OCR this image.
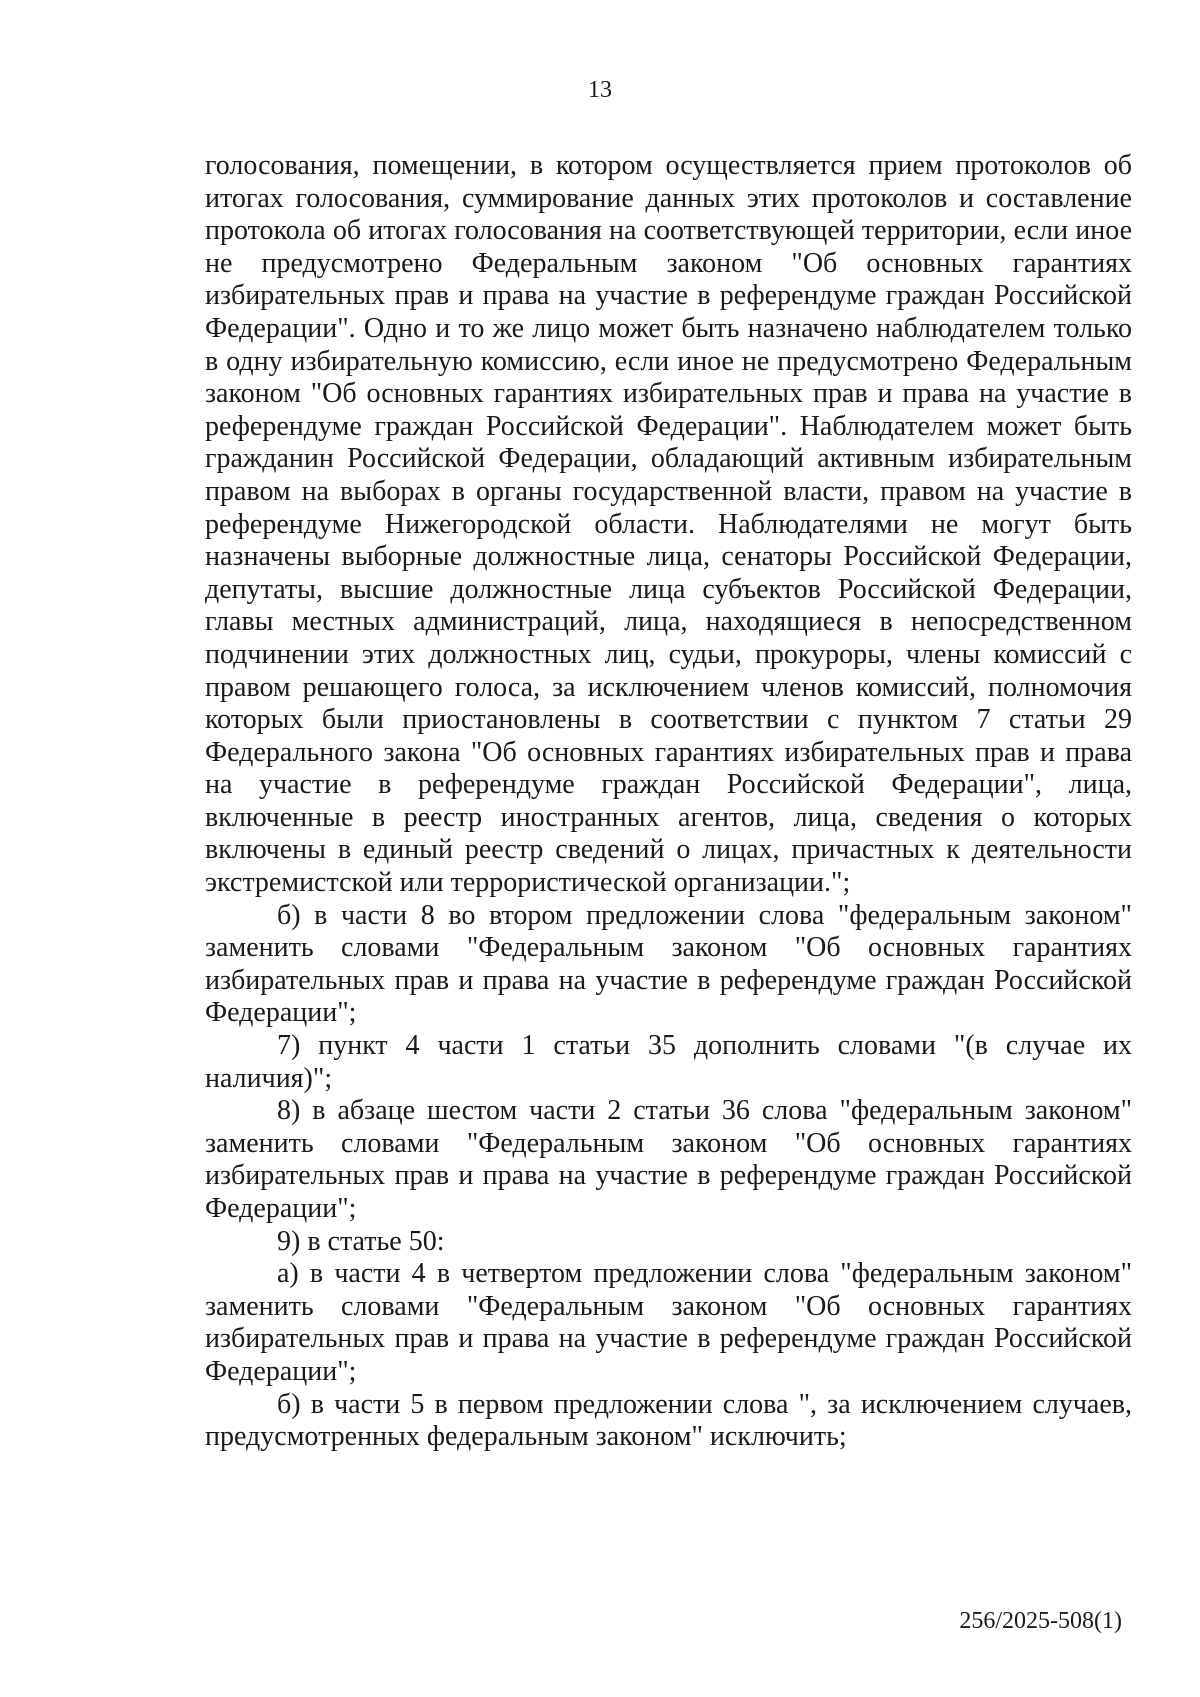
13

голосования, помещении, в котором осуществляется прием протоколов об итогах голосования, суммирование данных этих протоколов и составление протокола об итогах голосования на соответствующей территории, если иное не предусмотрено Федеральным законом "Об основных гарантиях избирательных прав и права на участие в референдуме граждан Российской Федерации". Одно и то же лицо может быть назначено наблюдателем только в одну избирательную комиссию, если иное не предусмотрено Федеральным законом "Об основных гарантиях избирательных прав и права на участие в референдуме граждан Российской Федерации". Наблюдателем может быть гражданин Российской Федерации, обладающий активным избирательным правом на выборах в органы государственной власти, правом на участие в референдуме Нижегородской области. Наблюдателями не могут быть назначены выборные должностные лица, сенаторы Российской Федерации, депутаты, высшие должностные лица субъектов Российской Федерации, главы местных администраций, лица, находящиеся в непосредственном подчинении этих должностных лиц, судьи, прокуроры, члены комиссий с правом решающего голоса, за исключением членов комиссий, полномочия которых были приостановлены в соответствии с пунктом 7 статьи 29 Федерального закона "Об основных гарантиях избирательных прав и права на участие в референдуме граждан Российской Федерации", лица, включенные в реестр иностранных агентов, лица, сведения о которых включены в единый реестр сведений о лицах, причастных к деятельности экстремистской или террористической организации.";

б) в части 8 во втором предложении слова "федеральным законом" заменить словами "Федеральным законом "Об основных гарантиях избирательных прав и права на участие в референдуме граждан Российской Федерации";

7) пункт 4 части 1 статьи 35 дополнить словами "(в случае их наличия)";

8) в абзаце шестом части 2 статьи 36 слова "федеральным законом" заменить словами "Федеральным законом "Об основных гарантиях избирательных прав и права на участие в референдуме граждан Российской Федерации";

9) в статье 50:

а) в части 4 в четвертом предложении слова "федеральным законом" заменить словами "Федеральным законом "Об основных гарантиях избирательных прав и права на участие в референдуме граждан Российской Федерации";

б) в части 5 в первом предложении слова ", за исключением случаев, предусмотренных федеральным законом" исключить;

256/2025-508(1)
